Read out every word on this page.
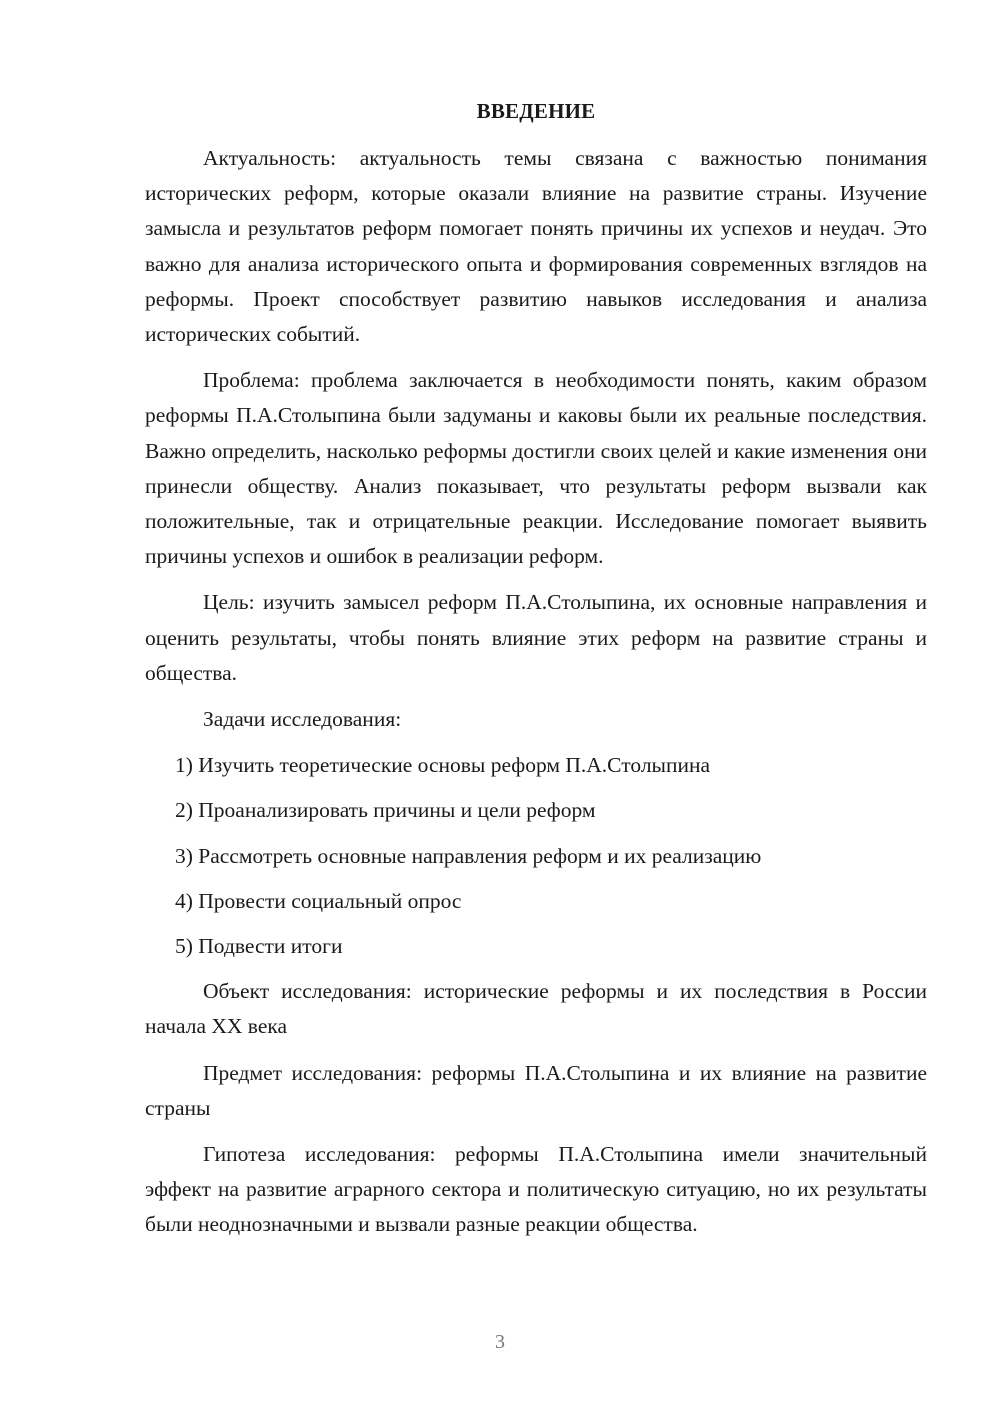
ВВЕДЕНИЕ

Актуальность: актуальность темы связана с важностью понимания исторических реформ, которые оказали влияние на развитие страны. Изучение замысла и результатов реформ помогает понять причины их успехов и неудач. Это важно для анализа исторического опыта и формирования современных взглядов на реформы. Проект способствует развитию навыков исследования и анализа исторических событий.

Проблема: проблема заключается в необходимости понять, каким образом реформы П.А.Столыпина были задуманы и каковы были их реальные последствия. Важно определить, насколько реформы достигли своих целей и какие изменения они принесли обществу. Анализ показывает, что результаты реформ вызвали как положительные, так и отрицательные реакции. Исследование помогает выявить причины успехов и ошибок в реализации реформ.

Цель: изучить замысел реформ П.А.Столыпина, их основные направления и оценить результаты, чтобы понять влияние этих реформ на развитие страны и общества.

Задачи исследования:

1) Изучить теоретические основы реформ П.А.Столыпина
2) Проанализировать причины и цели реформ
3) Рассмотреть основные направления реформ и их реализацию
4) Провести социальный опрос
5) Подвести итоги

Объект исследования: исторические реформы и их последствия в России начала XX века

Предмет исследования: реформы П.А.Столыпина и их влияние на развитие страны

Гипотеза исследования: реформы П.А.Столыпина имели значительный эффект на развитие аграрного сектора и политическую ситуацию, но их результаты были неоднозначными и вызвали разные реакции общества.

3
